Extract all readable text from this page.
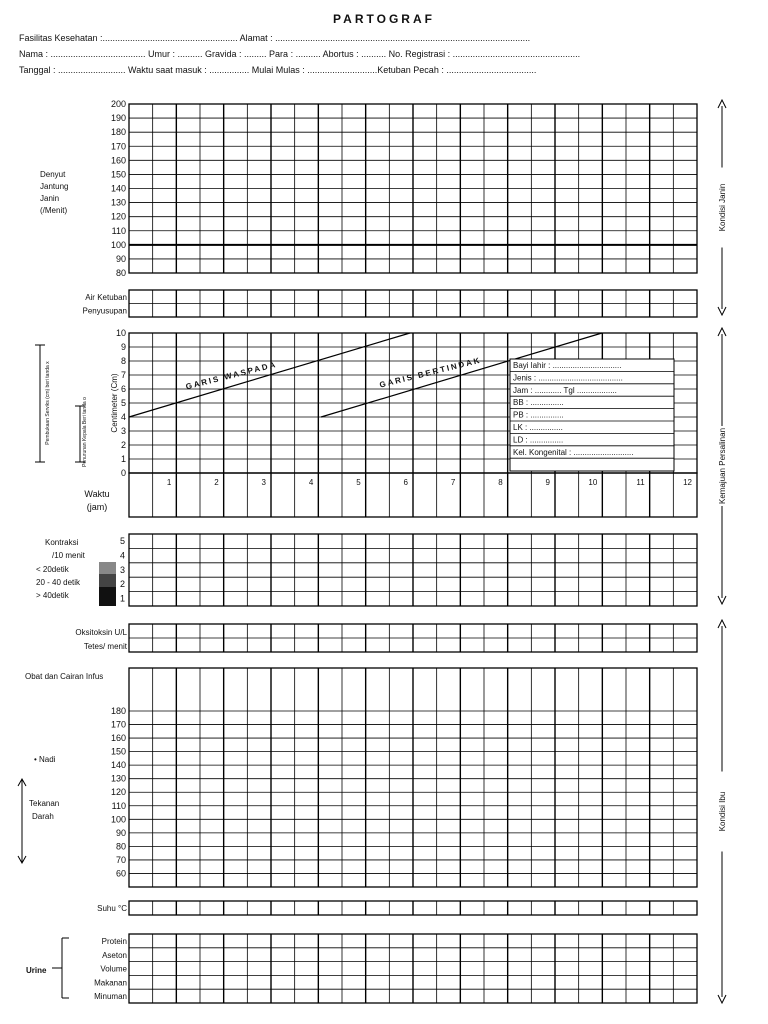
PARTOGRAF
Fasilitas Kesehatan :...................................................... Alamat : ......................................................................................................
Nama : ...................................... Umur : .......... Gravida : ......... Para : .......... Abortus : .......... No. Registrasi : ...................................................
Tanggal : ........................... Waktu saat masuk : ................ Mulai Mulas : ............................Ketuban Pecah : ....................................
200
190
180
170
160
150
140
130
120
110
100
90
80
Denyut
Jantung
Janin
(/Menit)
Air Ketuban
Penyusupan
10
9
8
7
6
5
4
3
2
1
0
1	2	3	4	5	6	7	8	9	10	11	12
Waktu
(jam)
Centimeter (Cm)
Pembukaan Serviks (cm) beri tanda x	Penurunan Kepala Beri tanda o
GARIS WASPADA	GARIS BERTINDAK	Bayi lahir : ...............................
Jenis : ......................................
Jam : ............ Tgl ..................
BB : ...............
PB : ...............
LK : ...............
LD : ...............
Kel. Kongenital : ...........................
5
4
3
2
1
Kontraksi
/10 menit
< 20detik
20 - 40 detik
> 40detik
Oksitoksin U/L
Tetes/ menit
180
170
160
150
140
130
120
110
100
90
80
70
60
Obat dan Cairan Infus
• Nadi
Tekanan
Darah
Suhu °C
Protein
Aseton
Volume
Makanan
Minuman
Urine
Kondisi Janin
Kemajuan Persalinan
Kondisi Ibu
